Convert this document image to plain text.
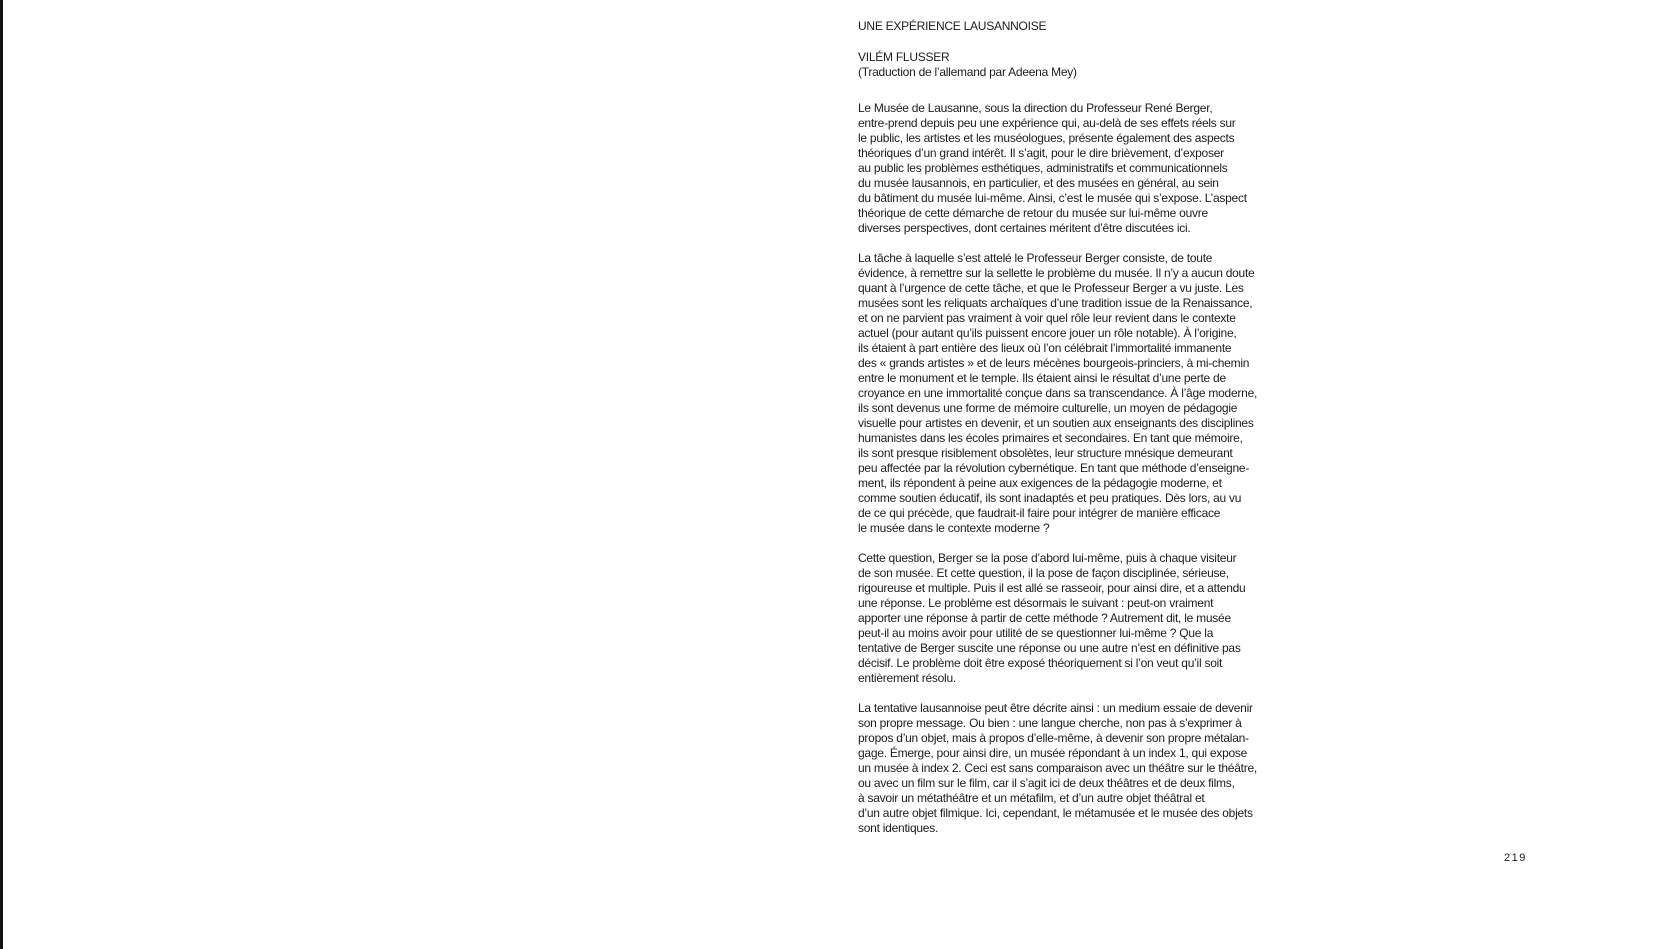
UNE EXPÉRIENCE LAUSANNOISE
VILÉM FLUSSER
(Traduction de l’allemand par Adeena Mey)
Le Musée de Lausanne, sous la direction du Professeur René Berger,
entre-prend depuis peu une expérience qui, au-delà de ses effets réels sur
le public, les artistes et les muséologues, présente également des aspects
théoriques d’un grand intérêt. Il s’agit, pour le dire brièvement, d’exposer
au public les problèmes esthétiques, administratifs et communicationnels
du musée lausannois, en particulier, et des musées en général, au sein
du bâtiment du musée lui-même. Ainsi, c’est le musée qui s’expose. L’aspect
théorique de cette démarche de retour du musée sur lui-même ouvre
diverses perspectives, dont certaines méritent d’être discutées ici.
La tâche à laquelle s’est attelé le Professeur Berger consiste, de toute
évidence, à remettre sur la sellette le problème du musée. Il n’y a aucun doute
quant à l’urgence de cette tâche, et que le Professeur Berger a vu juste. Les
musées sont les reliquats archaïques d’une tradition issue de la Renaissance,
et on ne parvient pas vraiment à voir quel rôle leur revient dans le contexte
actuel (pour autant qu’ils puissent encore jouer un rôle notable). À l’origine,
ils étaient à part entière des lieux où l’on célébrait l’immortalité immanente
des « grands artistes » et de leurs mécènes bourgeois-princiers, à mi-chemin
entre le monument et le temple. Ils étaient ainsi le résultat d’une perte de
croyance en une immortalité conçue dans sa transcendance. À l’âge moderne,
ils sont devenus une forme de mémoire culturelle, un moyen de pédagogie
visuelle pour artistes en devenir, et un soutien aux enseignants des disciplines
humanistes dans les écoles primaires et secondaires. En tant que mémoire,
ils sont presque risiblement obsolètes, leur structure mnésique demeurant
peu affectée par la révolution cybernétique. En tant que méthode d’enseigne-
ment, ils répondent à peine aux exigences de la pédagogie moderne, et
comme soutien éducatif, ils sont inadaptés et peu pratiques. Dès lors, au vu
de ce qui précède, que faudrait-il faire pour intégrer de manière efficace
le musée dans le contexte moderne ?
Cette question, Berger se la pose d’abord lui-même, puis à chaque visiteur
de son musée. Et cette question, il la pose de façon disciplinée, sérieuse,
rigoureuse et multiple. Puis il est allé se rasseoir, pour ainsi dire, et a attendu
une réponse. Le problème est désormais le suivant : peut-on vraiment
apporter une réponse à partir de cette méthode ? Autrement dit, le musée
peut-il au moins avoir pour utilité de se questionner lui-même ? Que la
tentative de Berger suscite une réponse ou une autre n’est en définitive pas
décisif. Le problème doit être exposé théoriquement si l’on veut qu’il soit
entièrement résolu.
La tentative lausannoise peut être décrite ainsi : un medium essaie de devenir
son propre message. Ou bien : une langue cherche, non pas à s’exprimer à
propos d’un objet, mais à propos d’elle-même, à devenir son propre métalan-
gage. Émerge, pour ainsi dire, un musée répondant à un index 1, qui expose
un musée à index 2. Ceci est sans comparaison avec un théâtre sur le théâtre,
ou avec un film sur le film, car il s’agit ici de deux théâtres et de deux films,
à savoir un métathéâtre et un métafilm, et d’un autre objet théâtral et
d’un autre objet filmique. Ici, cependant, le métamusée et le musée des objets
sont identiques.
219
